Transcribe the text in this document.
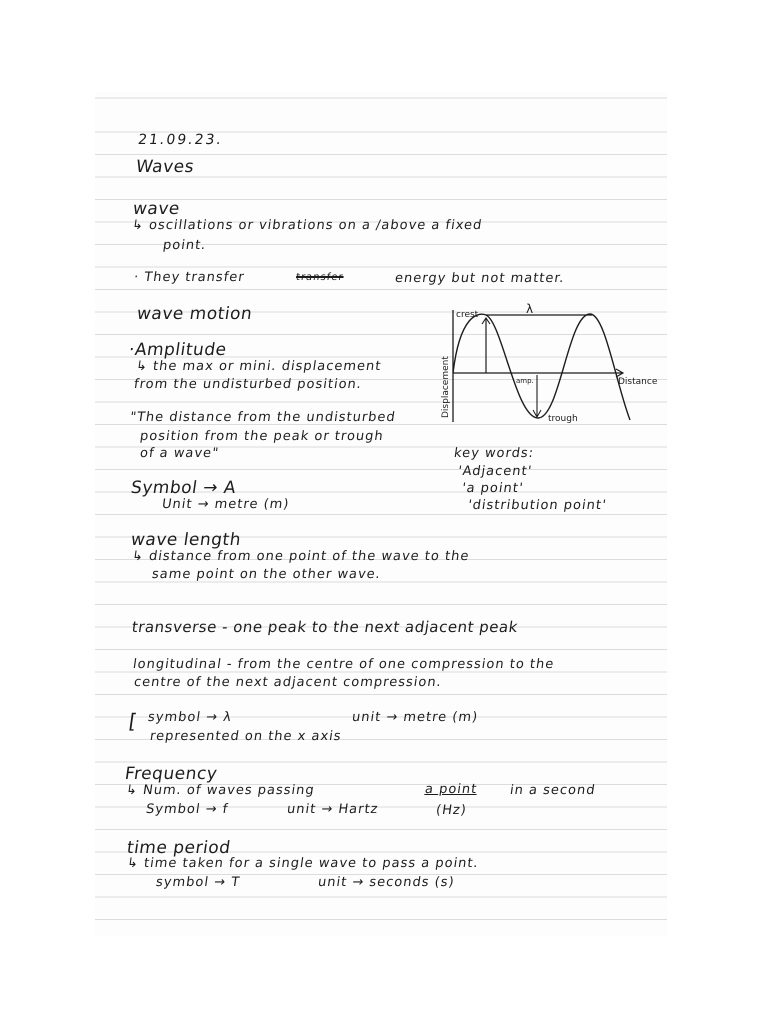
21.09.23.
Waves
wave
↳ oscillations or vibrations on a /above a fixed
point.
· They transfer	transfer	energy but not matter.
wave motion
·Amplitude
↳ the max or mini. displacement
from the undisturbed position.
"The distance from the undisturbed
position from the peak or trough
of a wave"
Symbol → A
Unit → metre (m)
key words:
'Adjacent'
'a point'
'distribution point'
wave length
↳ distance from one point of the wave to the
same point on the other wave.
transverse - one peak to the next adjacent peak
longitudinal - from the centre of one compression to the
centre of the next adjacent compression.
[ symbol → λ	unit → metre (m)
represented on the x axis
Frequency
↳ Num. of waves passing	a point in a second
Symbol → f	unit → Hartz	(Hz)
time period
↳ time taken for a single wave to pass a point.
symbol → T	unit → seconds (s)
crest	λ
Displacement	Distance
amp.
trough
